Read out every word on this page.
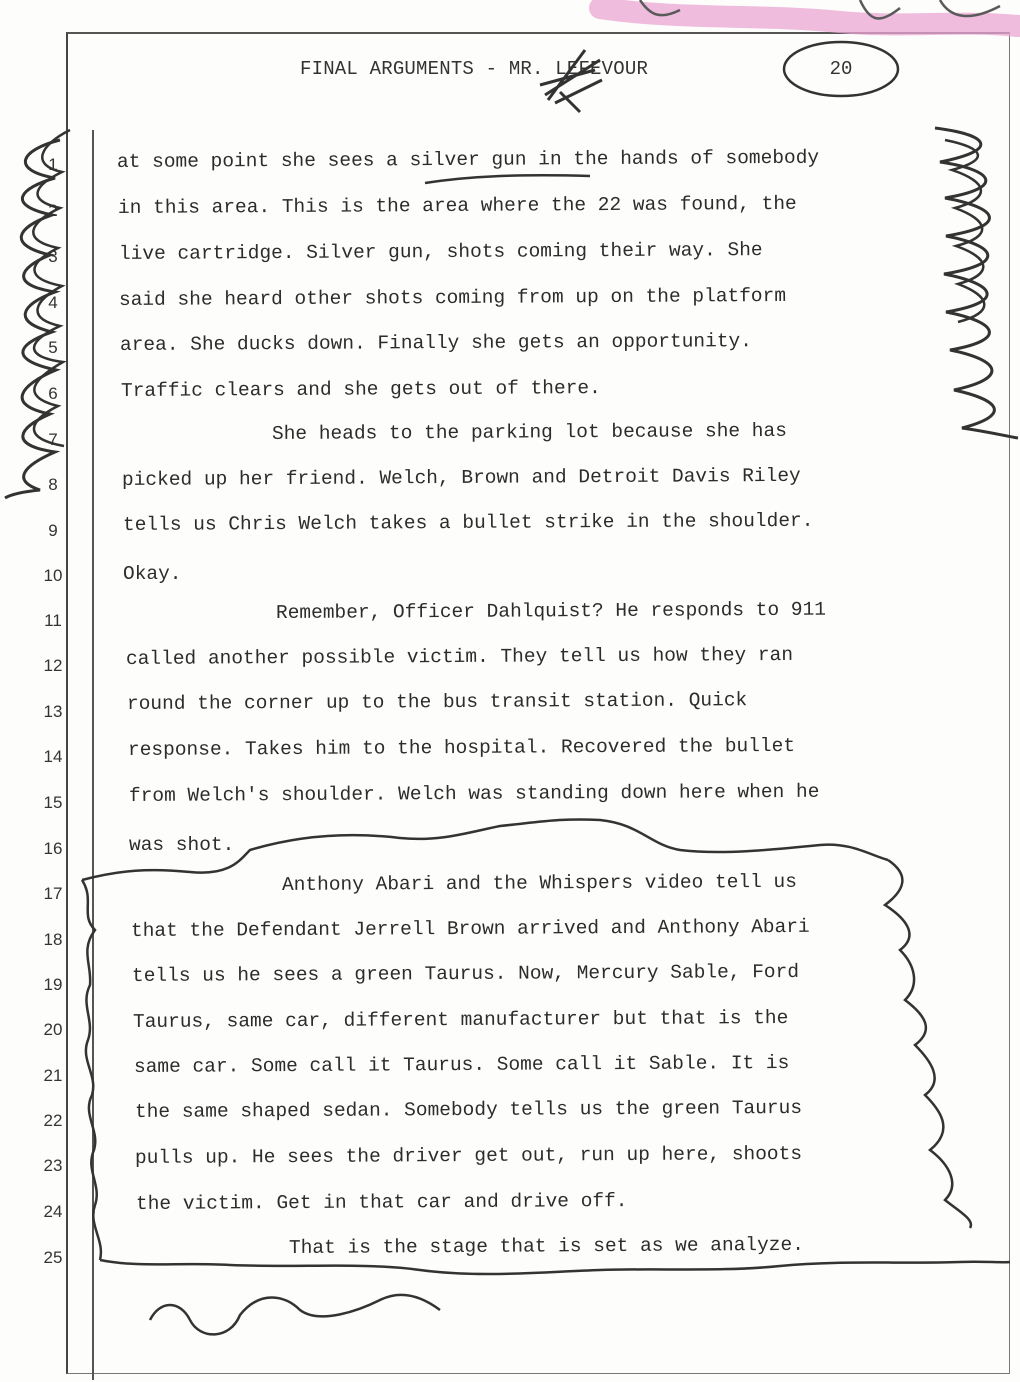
FINAL ARGUMENTS - MR. LEFEVOUR	20
1
2
3
4
5
6
7
8
9
10
11
12
13
14
15
16
17
18
19
20
21
22
23
24
25
at some point she sees a silver gun in the hands of somebody
in this area. This is the area where the 22 was found, the
live cartridge. Silver gun, shots coming their way. She
said she heard other shots coming from up on the platform
area. She ducks down. Finally she gets an opportunity.
Traffic clears and she gets out of there.
She heads to the parking lot because she has
picked up her friend. Welch, Brown and Detroit Davis Riley
tells us Chris Welch takes a bullet strike in the shoulder.
Okay.
Remember, Officer Dahlquist? He responds to 911
called another possible victim. They tell us how they ran
round the corner up to the bus transit station. Quick
response. Takes him to the hospital. Recovered the bullet
from Welch's shoulder. Welch was standing down here when he
was shot.
Anthony Abari and the Whispers video tell us
that the Defendant Jerrell Brown arrived and Anthony Abari
tells us he sees a green Taurus. Now, Mercury Sable, Ford
Taurus, same car, different manufacturer but that is the
same car. Some call it Taurus. Some call it Sable. It is
the same shaped sedan. Somebody tells us the green Taurus
pulls up. He sees the driver get out, run up here, shoots
the victim. Get in that car and drive off.
That is the stage that is set as we analyze.
